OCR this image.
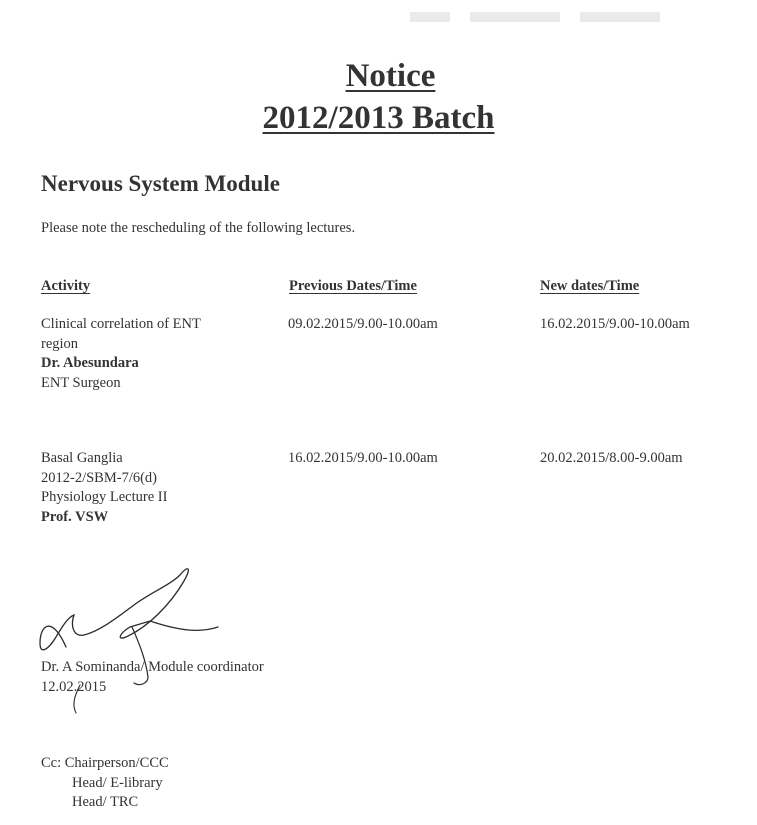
Notice
2012/2013 Batch
Nervous System Module
Please note the rescheduling of the following lectures.
Activity	Previous Dates/Time	New dates/Time
Clinical correlation of ENT
region
Dr. Abesundara
ENT Surgeon
09.02.2015/9.00-10.00am	16.02.2015/9.00-10.00am
Basal Ganglia
2012-2/SBM-7/6(d)
Physiology Lecture II
Prof. VSW
16.02.2015/9.00-10.00am	20.02.2015/8.00-9.00am
Dr. A Sominanda/ Module coordinator
12.02.2015
Cc: Chairperson/CCC
Head/ E-library
Head/ TRC
